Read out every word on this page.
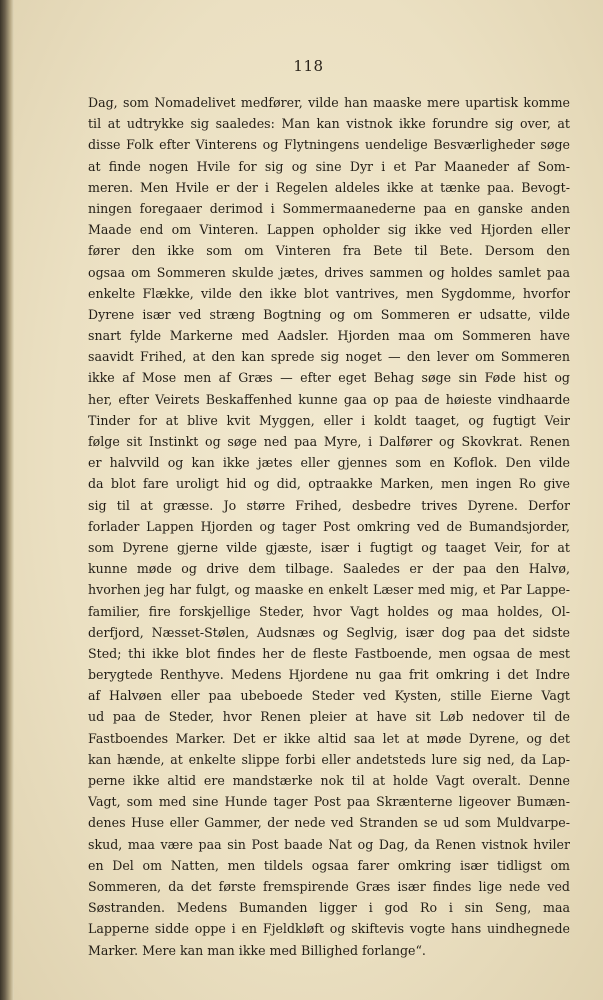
118
Dag, som Nomadelivet medfører, vilde han maaske mere upartisk komme
til at udtrykke sig saaledes: Man kan vistnok ikke forundre sig over, at
disse Folk efter Vinterens og Flytningens uendelige Besværligheder søge
at finde nogen Hvile for sig og sine Dyr i et Par Maaneder af Som-
meren. Men Hvile er der i Regelen aldeles ikke at tænke paa. Bevogt-
ningen foregaaer derimod i Sommermaanederne paa en ganske anden
Maade end om Vinteren. Lappen opholder sig ikke ved Hjorden eller
fører den ikke som om Vinteren fra Bete til Bete. Dersom den
ogsaa om Sommeren skulde jætes, drives sammen og holdes samlet paa
enkelte Flække, vilde den ikke blot vantrives, men Sygdomme, hvorfor
Dyrene især ved stræng Bogtning og om Sommeren er udsatte, vilde
snart fylde Markerne med Aadsler. Hjorden maa om Sommeren have
saavidt Frihed, at den kan sprede sig noget — den lever om Sommeren
ikke af Mose men af Græs — efter eget Behag søge sin Føde hist og
her, efter Veirets Beskaffenhed kunne gaa op paa de høieste vindhaarde
Tinder for at blive kvit Myggen, eller i koldt taaget, og fugtigt Veir
følge sit Instinkt og søge ned paa Myre, i Dalfører og Skovkrat. Renen
er halvvild og kan ikke jætes eller gjennes som en Koflok. Den vilde
da blot fare uroligt hid og did, optraakke Marken, men ingen Ro give
sig til at græsse. Jo større Frihed, desbedre trives Dyrene. Derfor
forlader Lappen Hjorden og tager Post omkring ved de Bumandsjorder,
som Dyrene gjerne vilde gjæste, især i fugtigt og taaget Veir, for at
kunne møde og drive dem tilbage. Saaledes er der paa den Halvø,
hvorhen jeg har fulgt, og maaske en enkelt Læser med mig, et Par Lappe-
familier, fire forskjellige Steder, hvor Vagt holdes og maa holdes, Ol-
derfjord, Næsset-Stølen, Audsnæs og Seglvig, især dog paa det sidste
Sted; thi ikke blot findes her de fleste Fastboende, men ogsaa de mest
berygtede Renthyve. Medens Hjordene nu gaa frit omkring i det Indre
af Halvøen eller paa ubeboede Steder ved Kysten, stille Eierne Vagt
ud paa de Steder, hvor Renen pleier at have sit Løb nedover til de
Fastboendes Marker. Det er ikke altid saa let at møde Dyrene, og det
kan hænde, at enkelte slippe forbi eller andetsteds lure sig ned, da Lap-
perne ikke altid ere mandstærke nok til at holde Vagt overalt. Denne
Vagt, som med sine Hunde tager Post paa Skrænterne ligeover Bumæn-
denes Huse eller Gammer, der nede ved Stranden se ud som Muldvarpe-
skud, maa være paa sin Post baade Nat og Dag, da Renen vistnok hviler
en Del om Natten, men tildels ogsaa farer omkring især tidligst om
Sommeren, da det første fremspirende Græs især findes lige nede ved
Søstranden. Medens Bumanden ligger i god Ro i sin Seng, maa
Lapperne sidde oppe i en Fjeldkløft og skiftevis vogte hans uindhegnede
Marker. Mere kan man ikke med Billighed forlange“.
